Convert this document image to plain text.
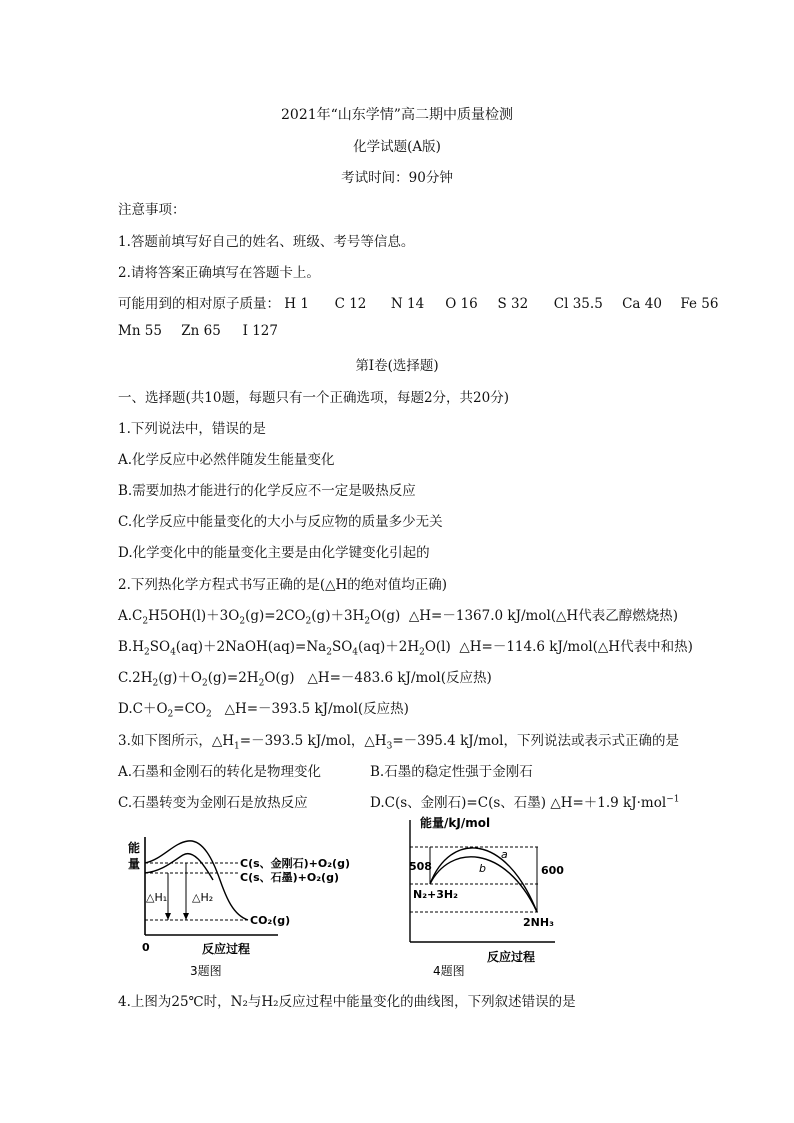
2021年“山东学情”高二期中质量检测
化学试题(A版)
考试时间：90分钟
注意事项：
1.答题前填写好自己的姓名、班级、考号等信息。
2.请将答案正确填写在答题卡上。
可能用到的相对原子质量： H 1 C 12 N 14 O 16 S 32 Cl 35.5 Ca 40 Fe 56
Mn 55 Zn 65 I 127
第Ⅰ卷(选择题)
一、选择题(共10题，每题只有一个正确选项，每题2分，共20分)
1.下列说法中，错误的是
A.化学反应中必然伴随发生能量变化
B.需要加热才能进行的化学反应不一定是吸热反应
C.化学反应中能量变化的大小与反应物的质量多少无关
D.化学变化中的能量变化主要是由化学键变化引起的
2.下列热化学方程式书写正确的是(△H的绝对值均正确)
$A.C_2H5OH(l)+3O_2(g)=2CO_2(g)+3H_2O(g)$  △H=－1367.0 kJ/mol(△H代表乙醇燃烧热)
$B.H_2SO_4(aq)+2NaOH(aq)=Na_2SO_4(aq)+2H_2O(l)$  △H=－114.6 kJ/mol(△H代表中和热)
$C.2H_2(g)+O_2(g)=2H_2O(g)$   △H=－483.6 kJ/mol(反应热)
$D.C+O_2=CO_2$ △H=－393.5 kJ/mol(反应热)
3.如下图所示，$\triangle H_1=-393.5$ kJ/mol，$\triangle H_3=-395.4$ kJ/mol，下列说法或表示式正确的是
A.石墨和金刚石的转化是物理变化	B.石墨的稳定性强于金刚石
C.石墨转变为金刚石是放热反应	D.C(s、金刚石)=C(s、石墨) △H=＋1.9 kJ·mol$^{-1}$
能
量
0	反应过程
△H₁ △H₂
C(s、金刚石)+O₂(g)
C(s、石墨)+O₂(g)
CO₂(g)
3题图
能量/kJ/mol
a
b
508	600
N₂+3H₂
2NH₃
反应过程
4题图
4.上图为25℃时，N₂与H₂反应过程中能量变化的曲线图，下列叙述错误的是
